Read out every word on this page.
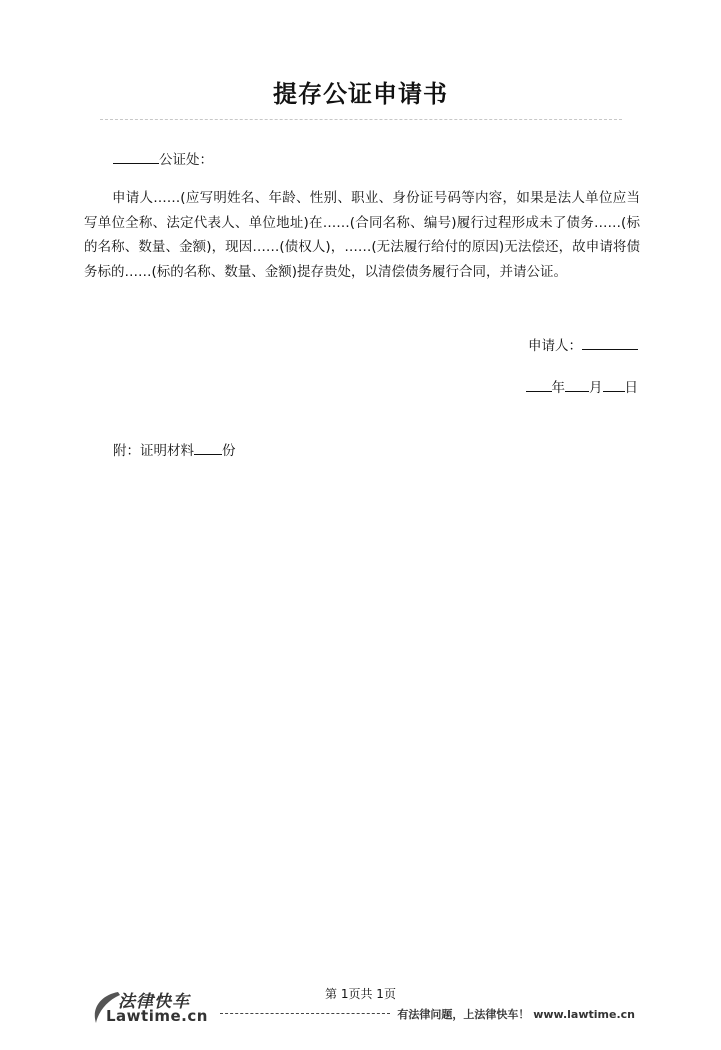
提存公证申请书
公证处：
申请人……(应写明姓名、年龄、性别、职业、身份证号码等内容，如果是法人单位应当写单位全称、法定代表人、单位地址)在……(合同名称、编号)履行过程形成未了债务……(标的名称、数量、金额)，现因……(债权人)，……(无法履行给付的原因)无法偿还，故申请将债务标的……(标的名称、数量、金额)提存贵处，以清偿债务履行合同，并请公证。
申请人：
年 月 日
附：证明材料 份
第 1页共 1页
法律快车
Lawtime.cn	有法律问题，上法律快车！ www.lawtime.cn
